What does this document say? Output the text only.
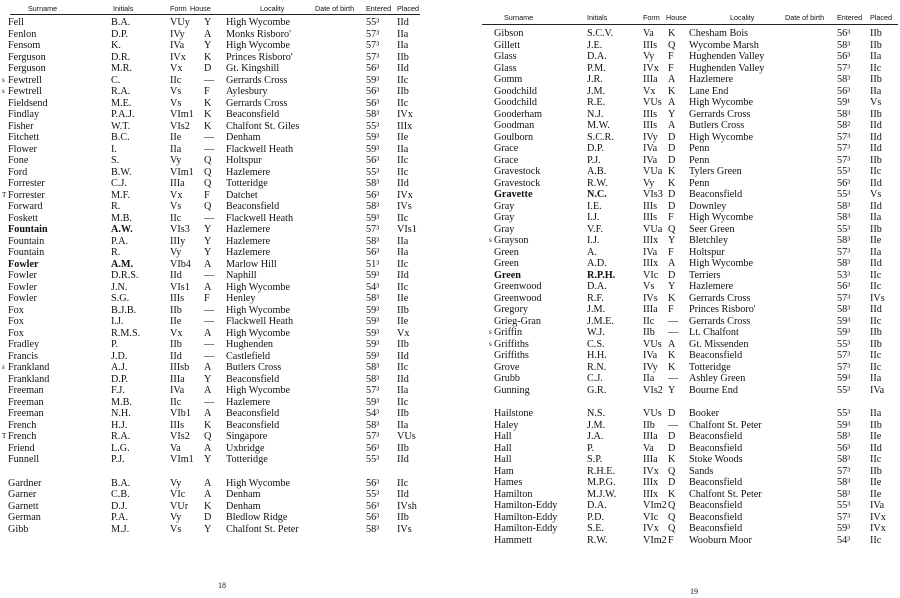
Surname	Initials	Form House	Locality	Date of birth Entered Placed
Fell	B.A.	VUy Y High Wycombe	55³ IId
Fenlon	D.P.	IVy A Monks Risboro'	57³ IIa
Fensom	K.	IVa Y High Wycombe	57³ IIa
Ferguson	D.R.	IVx K Princes Risboro'	57³ IIb
Ferguson	M.R.	Vx D Gt. Kingshill	56³ IId
s Fewtrell	C.	IIc — Gerrards Cross	59³ IIc
s Fewtrell	R.A.	Vs F Aylesbury	56³ IIb
Fieldsend	M.E.	Vs K Gerrards Cross	56³ IIc
Findlay	P.A.J.	VIm1 K Beaconsfield	58³ IVx
Fisher	W.T.	VIs2 K Chalfont St. Giles	55³ IIIx
Fitchett	B.C.	IIe — Denham	59³ IIe
Flower	I.	IIa — Flackwell Heath	59³ IIa
Fone	S.	Vy Q Holtspur	56³ IIc
Ford	B.W.	VIm1 Q Hazlemere	55³ IIc
Forrester	C.J.	IIIa Q Totteridge	58³ IId
T Forrester	M.F.	Vx F Datchet	56³ IVx
Forward	R.	Vs Q Beaconsfield	58³ IVs
Foskett	M.B.	IIc — Flackwell Heath	59³ IIc
Fountain	A.W.	VIs3 Y Hazlemere	57³ VIs1
Fountain	P.A.	IIIy Y Hazlemere	58³ IIa
Fountain	R.	Vy Y Hazlemere	56³ IIa
Fowler	A.M.	VIb4 A Marlow Hill	51³ IIc
Fowler	D.R.S.	IId — Naphill	59³ IId
Fowler	J.N.	VIs1 A High Wycombe	54³ IIc
Fowler	S.G.	IIIs F Henley	58³ IIe
Fox	B.J.B.	IIb — High Wycombe	59³ IIb
Fox	I.J.	IIe — Flackwell Heath	59³ IIe
Fox	R.M.S.	Vx A High Wycombe	59³ Vx
Fradley	P.	IIb — Hughenden	59³ IIb
Francis	J.D.	IId — Castlefield	59³ IId
s Frankland	A.J.	IIIsb A Butlers Cross	58³ IIc
Frankland	D.P.	IIIa Y Beaconsfield	58³ IId
Freeman	F.J.	IVa A High Wycombe	57³ IIa
Freeman	M.B.	IIc — Hazlemere	59³ IIc
Freeman	N.H.	VIb1 A Beaconsfield	54³ IIb
French	H.J.	IIIs K Beaconsfield	58³ IIa
T French	R.A.	VIs2 Q Singapore	57³ VUs
Friend	L.G.	Va A Uxbridge	56³ IIb
Funnell	P.J.	VIm1 Y Totteridge	55³ IId
Gardner	B.A.	Vy A High Wycombe	56³ IIc
Garner	C.B.	VIc A Denham	55³ IId
Garnett	D.J.	VUr K Denham	56³ IVsh
German	P.A.	Vy D Bledlow Ridge	56³ IIb
Gibb	M.J.	Vs Y Chalfont St. Peter	58³ IVs
18
Surname	Initials	Form House	Locality	Date of birth Entered Placed
Gibson	S.C.V.	Va K Chesham Bois	56³ IIb
Gillett	J.E.	IIIs Q Wycombe Marsh	58³ IIb
Glass	D.A.	Vy F Hughenden Valley	56³ IIa
Glass	P.M.	IVx F Hughenden Valley	57³ IIc
Gomm	J.R.	IIIa A Hazlemere	58³ IIb
Goodchild	J.M.	Vx K Lane End	56³ IIa
Goodchild	R.E.	VUs A High Wycombe	59¹ Vs
Gooderham	N.J.	IIIs Y Gerrards Cross	58³ IIb
Goodman	M.W.	IIIs A Butlers Cross	58² IId
Goulborn	S.C.R.	IVy D High Wycombe	57³ IId
Grace	D.P.	IVa D Penn	57³ IId
Grace	P.J.	IVa D Penn	57³ IIb
Gravestock	A.B.	VUa K Tylers Green	55³ IIc
Gravestock	R.W.	Vy K Penn	56³ IId
Gravette	N.C.	VIs3 D Beaconsfield	55³ Vs
Gray	I.E.	IIIs D Downley	58³ IId
Gray	I.J.	IIIs F High Wycombe	58³ IIa
Gray	V.F.	VUa Q Seer Green	55³ IIb
s Grayson	I.J.	IIIx Y Bletchley	58³ IIe
Green	A.	IVa F Holtspur	57³ IIa
Green	A.D.	IIIx A High Wycombe	58³ IId
Green	R.P.H.	VIc D Terriers	53³ IIc
Greenwood	D.A.	Vs Y Hazlemere	56³ IIc
Greenwood	R.F.	IVs K Gerrards Cross	57³ IVs
Gregory	J.M.	IIIa F Princes Risboro'	58³ IId
Grieg-Gran	J.M.E.	IIc — Gerrards Cross	59³ IIc
s Griffin	W.J.	IIb — Lt. Chalfont	59³ IIb
s Griffiths	C.S.	VUs A Gt. Missenden	55³ IIb
Griffiths	H.H.	IVa K Beaconsfield	57³ IIc
Grove	R.N.	IVy K Totteridge	57³ IIc
Grubb	C.J.	IIa — Ashley Green	59³ IIa
Gunning	G.R.	VIs2 Y Bourne End	55³ IVa
Hailstone	N.S.	VUs D Booker	55³ IIa
Haley	J.M.	IIb — Chalfont St. Peter	59³ IIb
Hall	J.A.	IIIa D Beaconsfield	58³ IIe
Hall	P.	Va D Beaconsfield	56³ IId
Hall	S.P.	IIIa K Stoke Woods	58³ IIc
Ham	R.H.E.	IVx Q Sands	57³ IIb
Hames	M.P.G.	IIIx D Beaconsfield	58³ IIe
Hamilton	M.J.W.	IIIx K Chalfont St. Peter	58³ IIe
Hamilton-Eddy	D.A.	VIm2 Q Beaconsfield	55³ IVa
Hamilton-Eddy	P.D.	VIc Q Beaconsfield	57³ IVx
Hamilton-Eddy	S.E.	IVx Q Beaconsfield	59³ IVx
Hammett	R.W.	VIm2 F Wooburn Moor	54³ IIc
19
